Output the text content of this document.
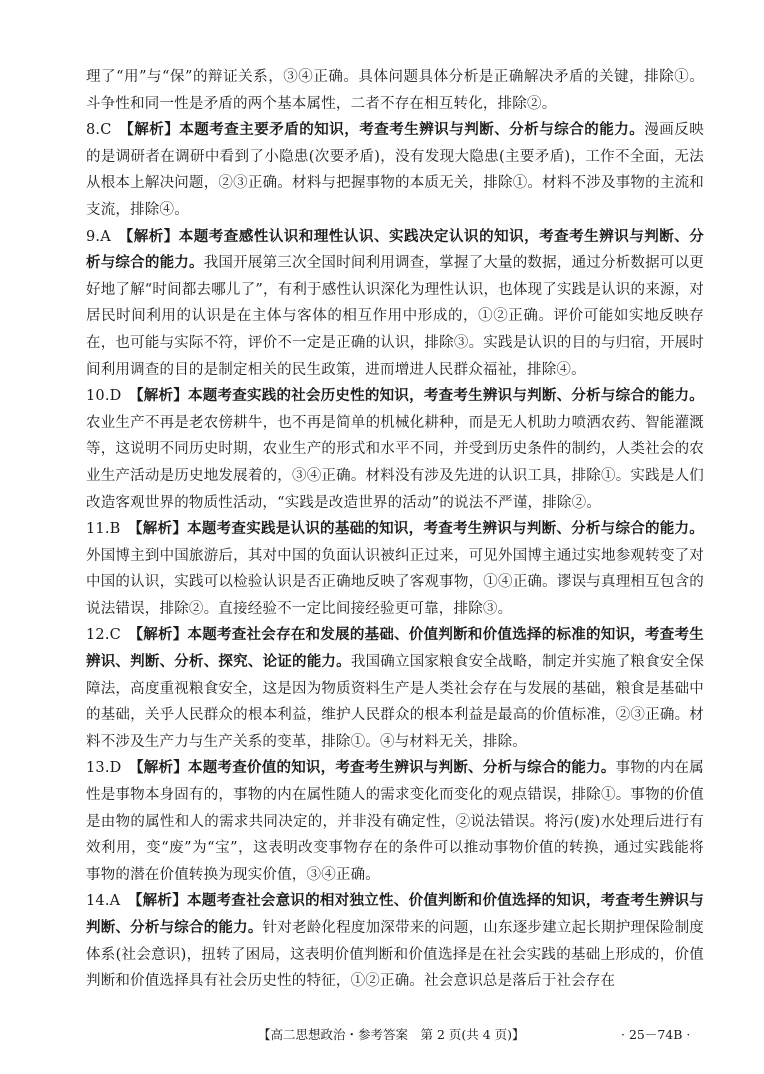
理了“用”与“保”的辩证关系，③④正确。具体问题具体分析是正确解决矛盾的关键，排除①。斗争性和同一性是矛盾的两个基本属性，二者不存在相互转化，排除②。

8.C  【解析】本题考查主要矛盾的知识，考查考生辨识与判断、分析与综合的能力。漫画反映的是调研者在调研中看到了小隐患(次要矛盾)，没有发现大隐患(主要矛盾)，工作不全面，无法从根本上解决问题，②③正确。材料与把握事物的本质无关，排除①。材料不涉及事物的主流和支流，排除④。

9.A  【解析】本题考查感性认识和理性认识、实践决定认识的知识，考查考生辨识与判断、分析与综合的能力。我国开展第三次全国时间利用调查，掌握了大量的数据，通过分析数据可以更好地了解“时间都去哪儿了”，有利于感性认识深化为理性认识，也体现了实践是认识的来源，对居民时间利用的认识是在主体与客体的相互作用中形成的，①②正确。评价可能如实地反映存在，也可能与实际不符，评价不一定是正确的认识，排除③。实践是认识的目的与归宿，开展时间利用调查的目的是制定相关的民生政策，进而增进人民群众福祉，排除④。

10.D  【解析】本题考查实践的社会历史性的知识，考查考生辨识与判断、分析与综合的能力。农业生产不再是老农傍耕牛，也不再是简单的机械化耕种，而是无人机助力喷洒农药、智能灌溉等，这说明不同历史时期，农业生产的形式和水平不同，并受到历史条件的制约，人类社会的农业生产活动是历史地发展着的，③④正确。材料没有涉及先进的认识工具，排除①。实践是人们改造客观世界的物质性活动，“实践是改造世界的活动”的说法不严谨，排除②。

11.B  【解析】本题考查实践是认识的基础的知识，考查考生辨识与判断、分析与综合的能力。外国博主到中国旅游后，其对中国的负面认识被纠正过来，可见外国博主通过实地参观转变了对中国的认识，实践可以检验认识是否正确地反映了客观事物，①④正确。谬误与真理相互包含的说法错误，排除②。直接经验不一定比间接经验更可靠，排除③。

12.C  【解析】本题考查社会存在和发展的基础、价值判断和价值选择的标准的知识，考查考生辨识、判断、分析、探究、论证的能力。我国确立国家粮食安全战略，制定并实施了粮食安全保障法，高度重视粮食安全，这是因为物质资料生产是人类社会存在与发展的基础，粮食是基础中的基础，关乎人民群众的根本利益，维护人民群众的根本利益是最高的价值标准，②③正确。材料不涉及生产力与生产关系的变革，排除①。④与材料无关，排除。

13.D  【解析】本题考查价值的知识，考查考生辨识与判断、分析与综合的能力。事物的内在属性是事物本身固有的，事物的内在属性随人的需求变化而变化的观点错误，排除①。事物的价值是由物的属性和人的需求共同决定的，并非没有确定性，②说法错误。将污(废)水处理后进行有效利用，变“废”为“宝”，这表明改变事物存在的条件可以推动事物价值的转换，通过实践能将事物的潜在价值转换为现实价值，③④正确。

14.A  【解析】本题考查社会意识的相对独立性、价值判断和价值选择的知识，考查考生辨识与判断、分析与综合的能力。针对老龄化程度加深带来的问题，山东逐步建立起长期护理保险制度体系(社会意识)，扭转了困局，这表明价值判断和价值选择是在社会实践的基础上形成的，价值判断和价值选择具有社会历史性的特征，①②正确。社会意识总是落后于社会存在

【高二思想政治・参考答案　第 2 页(共 4 页)】	· 25－74B ·
